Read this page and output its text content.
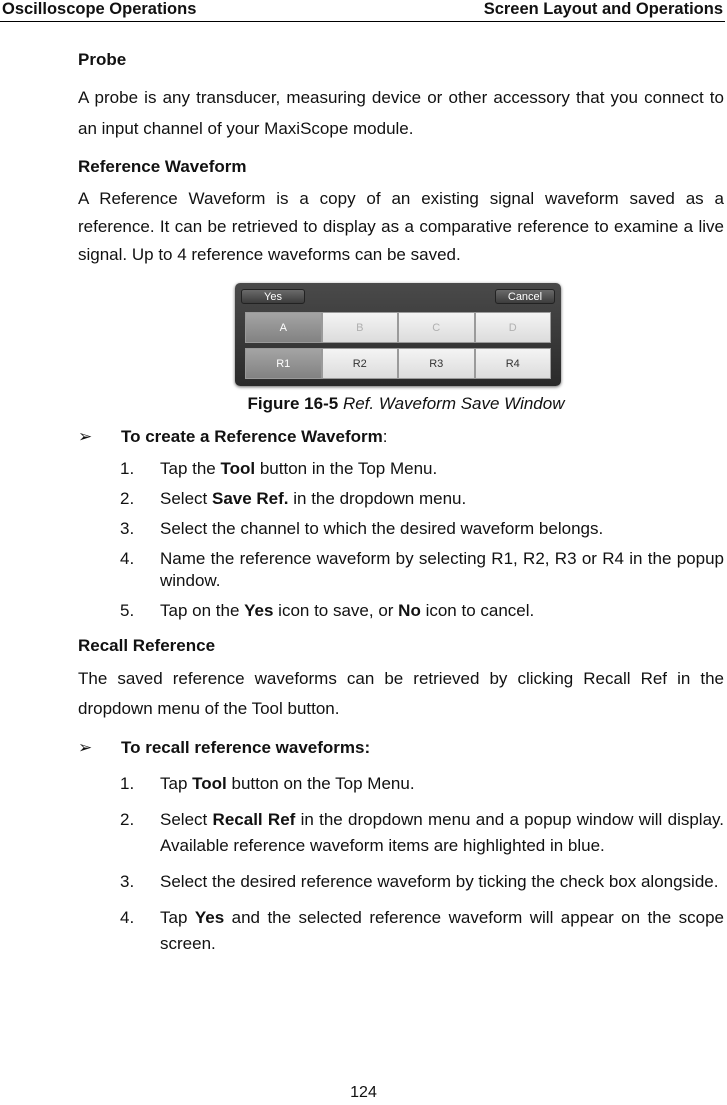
Oscilloscope Operations	Screen Layout and Operations
Probe

A probe is any transducer, measuring device or other accessory that you connect to an input channel of your MaxiScope module.

Reference Waveform

A Reference Waveform is a copy of an existing signal waveform saved as a reference. It can be retrieved to display as a comparative reference to examine a live signal. Up to 4 reference waveforms can be saved.

Yes	Cancel
A	B	C	D
R1	R2	R3	R4
Figure 16-5 Ref. Waveform Save Window
➢ To create a Reference Waveform:
1. Tap the Tool button in the Top Menu.
2. Select Save Ref. in the dropdown menu.
3. Select the channel to which the desired waveform belongs.
4. Name the reference waveform by selecting R1, R2, R3 or R4 in the popup window.
5. Tap on the Yes icon to save, or No icon to cancel.
Recall Reference

The saved reference waveforms can be retrieved by clicking Recall Ref in the dropdown menu of the Tool button.

➢ To recall reference waveforms:
1. Tap Tool button on the Top Menu.
2. Select Recall Ref in the dropdown menu and a popup window will display. Available reference waveform items are highlighted in blue.
3. Select the desired reference waveform by ticking the check box alongside.
4. Tap Yes and the selected reference waveform will appear on the scope screen.
124
